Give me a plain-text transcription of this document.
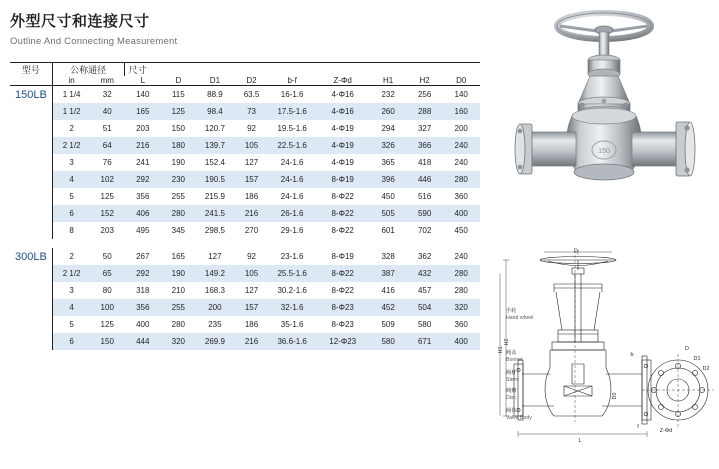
外型尺寸和连接尺寸
Outline And Connecting Measurement
型号	公称通径		尺寸								
	in	mm	L	D	D1	D2	b-f	Z-Φd	H1	H2	D0
150LB	1 1/4	32	140	115	88.9	63.5	16-1.6	4-Φ16	232	256	140
	1 1/2	40	165	125	98.4	73	17.5-1.6	4-Φ16	260	288	160
	2	51	203	150	120.7	92	19.5-1.6	4-Φ19	294	327	200
	2 1/2	64	216	180	139.7	105	22.5-1.6	4-Φ19	326	366	240
	3	76	241	190	152.4	127	24-1.6	4-Φ19	365	418	240
	4	102	292	230	190.5	157	24-1.6	8-Φ19	396	446	280
	5	125	356	255	215.9	186	24-1.6	8-Φ22	450	516	360
	6	152	406	280	241.5	216	26-1.6	8-Φ22	505	590	400
	8	203	495	345	298.5	270	29-1.6	8-Φ22	601	702	450

300LB	2	50	267	165	127	92	23-1.6	8-Φ19	328	362	240
	2 1/2	65	292	190	149.2	105	25.5-1.6	8-Φ22	387	432	280
	3	80	318	210	168.3	127	30.2-1.6	8-Φ22	416	457	280
	4	100	356	255	200	157	32-1.6	8-Φ23	452	504	320
	5	125	400	280	235	186	35-1.6	8-Φ23	509	580	360
	6	150	444	320	269.9	216	36.6-1.6	12-Φ23	580	671	400
150
L
D
H2
H1
Z-Φd
D
D1
D2
b
f
D0
手轮
Hand wheel
阀盖
Bonnet
阀杆
Stem
阀瓣
Disc
阀体
Valve Body
